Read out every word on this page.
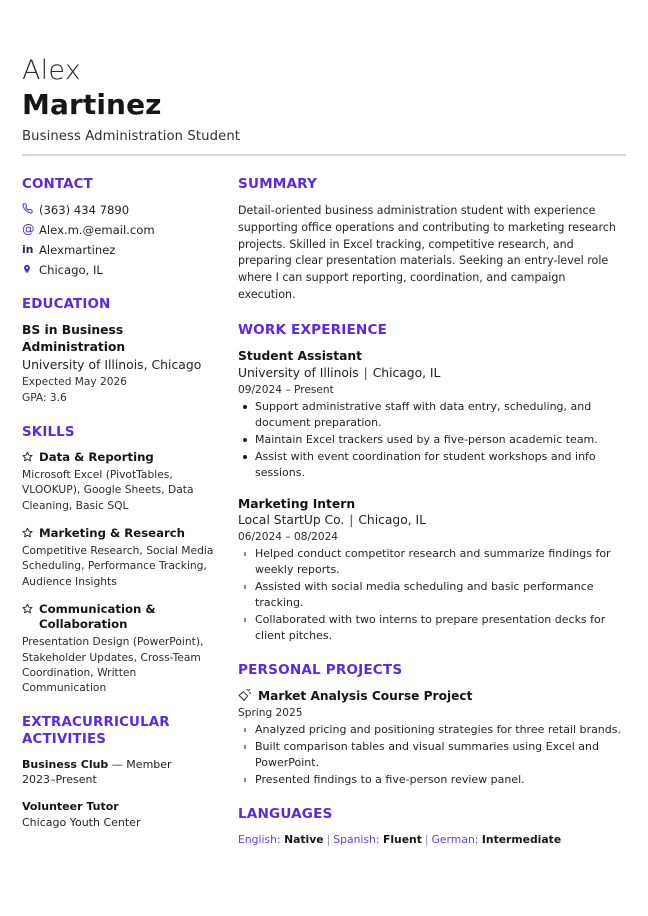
Alex
Martinez
Business Administration Student
CONTACT
(363) 434 7890
@ Alex.m.@email.com
in Alexmartinez
Chicago, IL
EDUCATION
BS in Business Administration
University of Illinois, Chicago
Expected May 2026
GPA: 3.6
SKILLS
Data & Reporting
Microsoft Excel (PivotTables, VLOOKUP), Google Sheets, Data Cleaning, Basic SQL
Marketing & Research
Competitive Research, Social Media Scheduling, Performance Tracking, Audience Insights
Communication & Collaboration
Presentation Design (PowerPoint), Stakeholder Updates, Cross-Team Coordination, Written Communication
EXTRACURRICULAR ACTIVITIES
Business Club — Member
2023–Present
Volunteer Tutor
Chicago Youth Center
SUMMARY
Detail-oriented business administration student with experience supporting office operations and contributing to marketing research projects. Skilled in Excel tracking, competitive research, and preparing clear presentation materials. Seeking an entry-level role where I can support reporting, coordination, and campaign execution.
WORK EXPERIENCE
Student Assistant
University of Illinois | Chicago, IL
09/2024 – Present
Support administrative staff with data entry, scheduling, and document preparation.
Maintain Excel trackers used by a five-person academic team.
Assist with event coordination for student workshops and info sessions.
Marketing Intern
Local StartUp Co. | Chicago, IL
06/2024 – 08/2024
Helped conduct competitor research and summarize findings for weekly reports.
Assisted with social media scheduling and basic performance tracking.
Collaborated with two interns to prepare presentation decks for client pitches.
PERSONAL PROJECTS
Market Analysis Course Project
Spring 2025
Analyzed pricing and positioning strategies for three retail brands.
Built comparison tables and visual summaries using Excel and PowerPoint.
Presented findings to a five-person review panel.
LANGUAGES
English: Native | Spanish: Fluent | German: Intermediate
